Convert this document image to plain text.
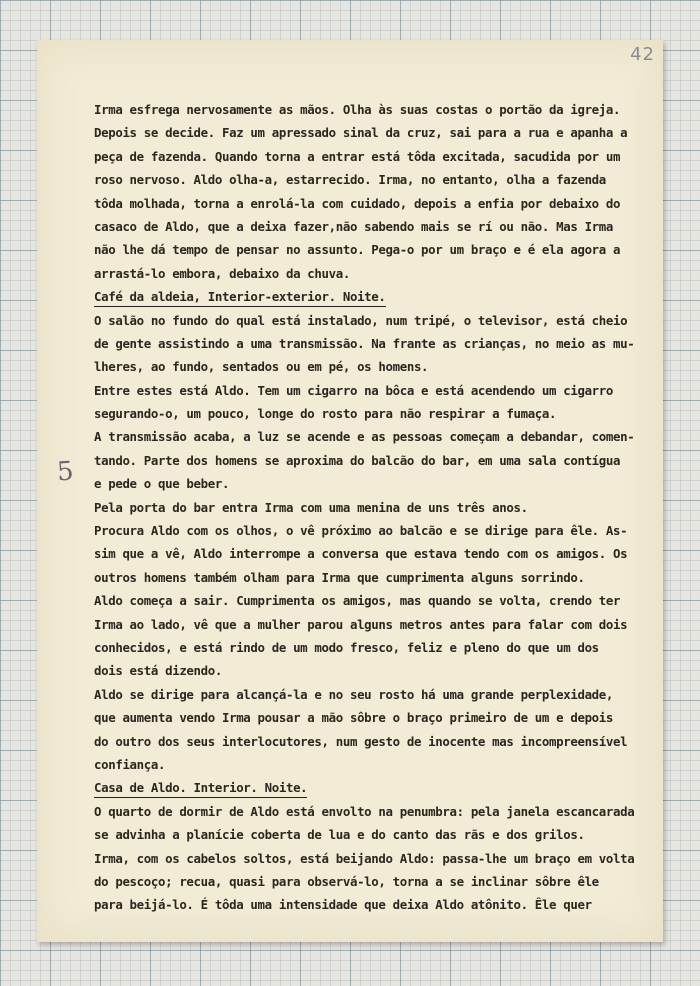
42
5
Irma esfrega nervosamente as mãos. Olha às suas costas o portão da igreja.
Depois se decide. Faz um apressado sinal da cruz, sai para a rua e apanha a
peça de fazenda. Quando torna a entrar está tôda excitada, sacudida por um
roso nervoso. Aldo olha-a, estarrecido. Irma, no entanto, olha a fazenda
tôda molhada, torna a enrolá-la com cuidado, depois a enfia por debaixo do
casaco de Aldo, que a deixa fazer,não sabendo mais se rí ou não. Mas Irma
não lhe dá tempo de pensar no assunto. Pega-o por um braço e é ela agora a
arrastá-lo embora, debaixo da chuva.
Café da aldeia, Interior-exterior. Noite.
O salão no fundo do qual está instalado, num tripé, o televisor, está cheio
de gente assistindo a uma transmissão. Na frante as crianças, no meio as mu-
lheres, ao fundo, sentados ou em pé, os homens.
Entre estes está Aldo. Tem um cigarro na bôca e está acendendo um cigarro
segurando-o, um pouco, longe do rosto para não respirar a fumaça.
A transmissão acaba, a luz se acende e as pessoas começam a debandar, comen-
tando. Parte dos homens se aproxima do balcão do bar, em uma sala contígua
e pede o que beber.
Pela porta do bar entra Irma com uma menina de uns três anos.
Procura Aldo com os olhos, o vê próximo ao balcão e se dirige para êle. As-
sim que a vê, Aldo interrompe a conversa que estava tendo com os amigos. Os
outros homens também olham para Irma que cumprimenta alguns sorrindo.
Aldo começa a sair. Cumprimenta os amigos, mas quando se volta, crendo ter
Irma ao lado, vê que a mulher parou alguns metros antes para falar com dois
conhecidos, e está rindo de um modo fresco, feliz e pleno do que um dos
dois está dizendo.
Aldo se dirige para alcançá-la e no seu rosto há uma grande perplexidade,
que aumenta vendo Irma pousar a mão sôbre o braço primeiro de um e depois
do outro dos seus interlocutores, num gesto de inocente mas incompreensível
confiança.
Casa de Aldo. Interior. Noite.
O quarto de dormir de Aldo está envolto na penumbra: pela janela escancarada
se advinha a planície coberta de lua e do canto das rãs e dos grilos.
Irma, com os cabelos soltos, está beijando Aldo: passa-lhe um braço em volta
do pescoço; recua, quasi para observá-lo, torna a se inclinar sôbre êle
para beijá-lo. É tôda uma intensidade que deixa Aldo atônito. Êle quer
